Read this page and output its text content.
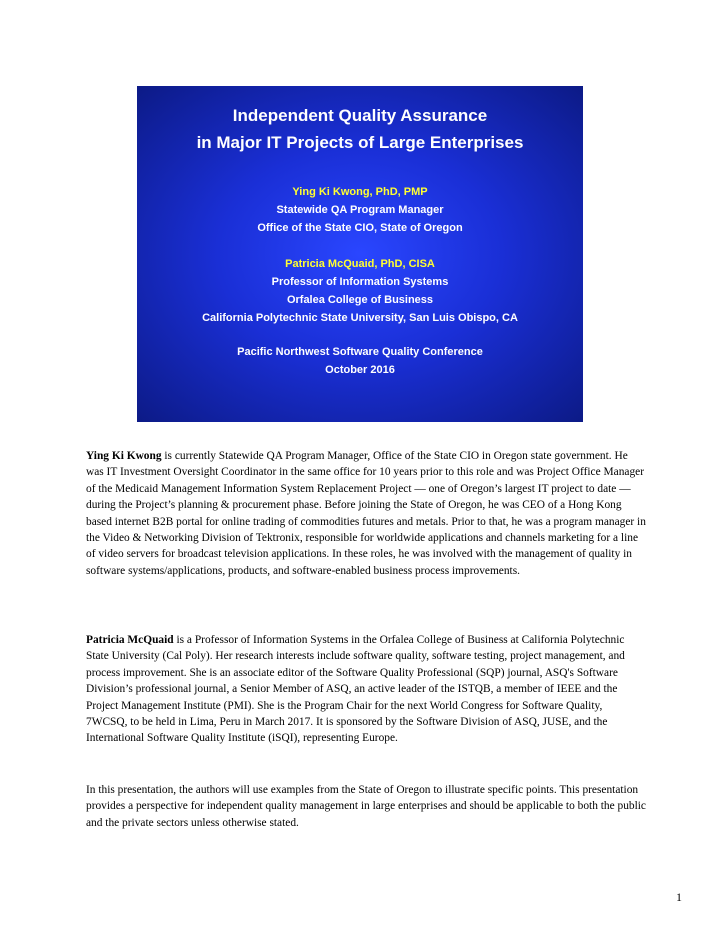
Independent Quality Assurance

in Major IT Projects of Large Enterprises

Ying Ki Kwong, PhD, PMP

Statewide QA Program Manager

Office of the State CIO, State of Oregon

Patricia McQuaid, PhD, CISA

Professor of Information Systems

Orfalea College of Business

California Polytechnic State University, San Luis Obispo, CA

Pacific Northwest Software Quality Conference

October 2016

Ying Ki Kwong is currently Statewide QA Program Manager, Office of the State CIO in Oregon state government. He was IT Investment Oversight Coordinator in the same office for 10 years prior to this role and was Project Office Manager of the Medicaid Management Information System Replacement Project — one of Oregon’s largest IT project to date — during the Project’s planning & procurement phase. Before joining the State of Oregon, he was CEO of a Hong Kong based internet B2B portal for online trading of commodities futures and metals. Prior to that, he was a program manager in the Video & Networking Division of Tektronix, responsible for worldwide applications and channels marketing for a line of video servers for broadcast television applications. In these roles, he was involved with the management of quality in software systems/applications, products, and software-enabled business process improvements.

Patricia McQuaid is a Professor of Information Systems in the Orfalea College of Business at California Polytechnic State University (Cal Poly). Her research interests include software quality, software testing, project management, and process improvement. She is an associate editor of the Software Quality Professional (SQP) journal, ASQ's Software Division’s professional journal, a Senior Member of ASQ, an active leader of the ISTQB, a member of IEEE and the Project Management Institute (PMI). She is the Program Chair for the next World Congress for Software Quality, 7WCSQ, to be held in Lima, Peru in March 2017. It is sponsored by the Software Division of ASQ, JUSE, and the International Software Quality Institute (iSQI), representing Europe.

In this presentation, the authors will use examples from the State of Oregon to illustrate specific points. This presentation provides a perspective for independent quality management in large enterprises and should be applicable to both the public and the private sectors unless otherwise stated.

1
